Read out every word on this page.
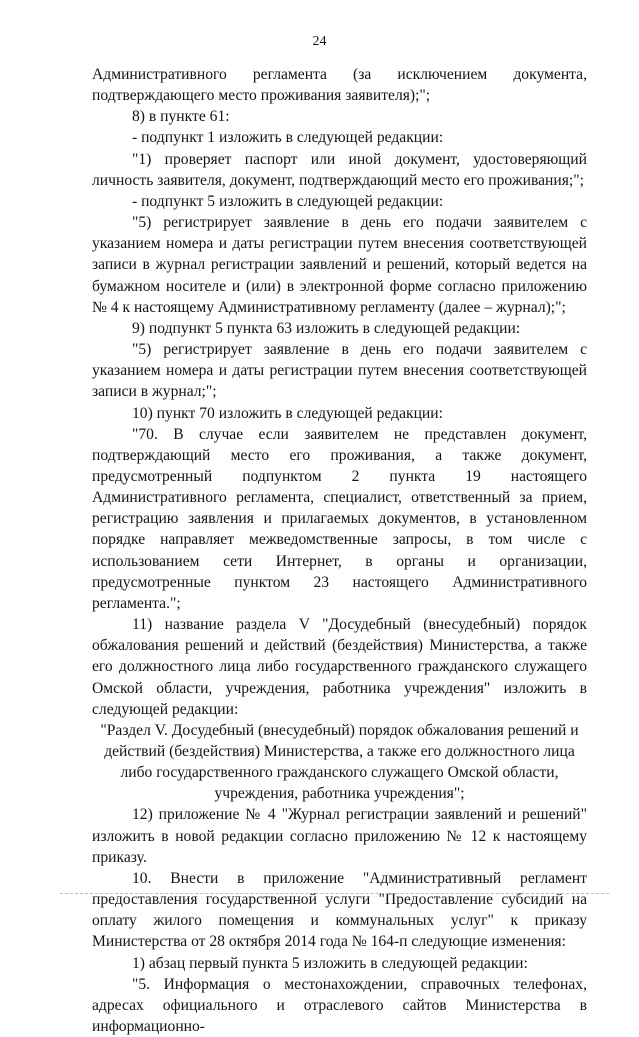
24

Административного регламента (за исключением документа, подтверждающего место проживания заявителя);";

8) в пункте 61:

- подпункт 1 изложить в следующей редакции:

"1) проверяет паспорт или иной документ, удостоверяющий личность заявителя, документ, подтверждающий место его проживания;";

- подпункт 5 изложить в следующей редакции:

"5) регистрирует заявление в день его подачи заявителем с указанием номера и даты регистрации путем внесения соответствующей записи в журнал регистрации заявлений и решений, который ведется на бумажном носителе и (или) в электронной форме согласно приложению № 4 к настоящему Административному регламенту (далее – журнал);";

9) подпункт 5 пункта 63 изложить в следующей редакции:

"5) регистрирует заявление в день его подачи заявителем с указанием номера и даты регистрации путем внесения соответствующей записи в журнал;";

10) пункт 70 изложить в следующей редакции:

"70. В случае если заявителем не представлен документ, подтверждающий место его проживания, а также документ, предусмотренный подпунктом 2 пункта 19 настоящего Административного регламента, специалист, ответственный за прием, регистрацию заявления и прилагаемых документов, в установленном порядке направляет межведомственные запросы, в том числе с использованием сети Интернет, в органы и организации, предусмотренные пунктом 23 настоящего Административного регламента.";

11) название раздела V "Досудебный (внесудебный) порядок обжалования решений и действий (бездействия) Министерства, а также его должностного лица либо государственного гражданского служащего Омской области, учреждения, работника учреждения" изложить в следующей редакции:

"Раздел V. Досудебный (внесудебный) порядок обжалования решений и действий (бездействия) Министерства, а также его должностного лица либо государственного гражданского служащего Омской области, учреждения, работника учреждения";

12) приложение № 4 "Журнал регистрации заявлений и решений" изложить в новой редакции согласно приложению № 12 к настоящему приказу.

10. Внести в приложение "Административный регламент предоставления государственной услуги "Предоставление субсидий на оплату жилого помещения и коммунальных услуг" к приказу Министерства от 28 октября 2014 года № 164-п следующие изменения:

1) абзац первый пункта 5 изложить в следующей редакции:

"5. Информация о местонахождении, справочных телефонах, адресах официального и отраслевого сайтов Министерства в информационно-
